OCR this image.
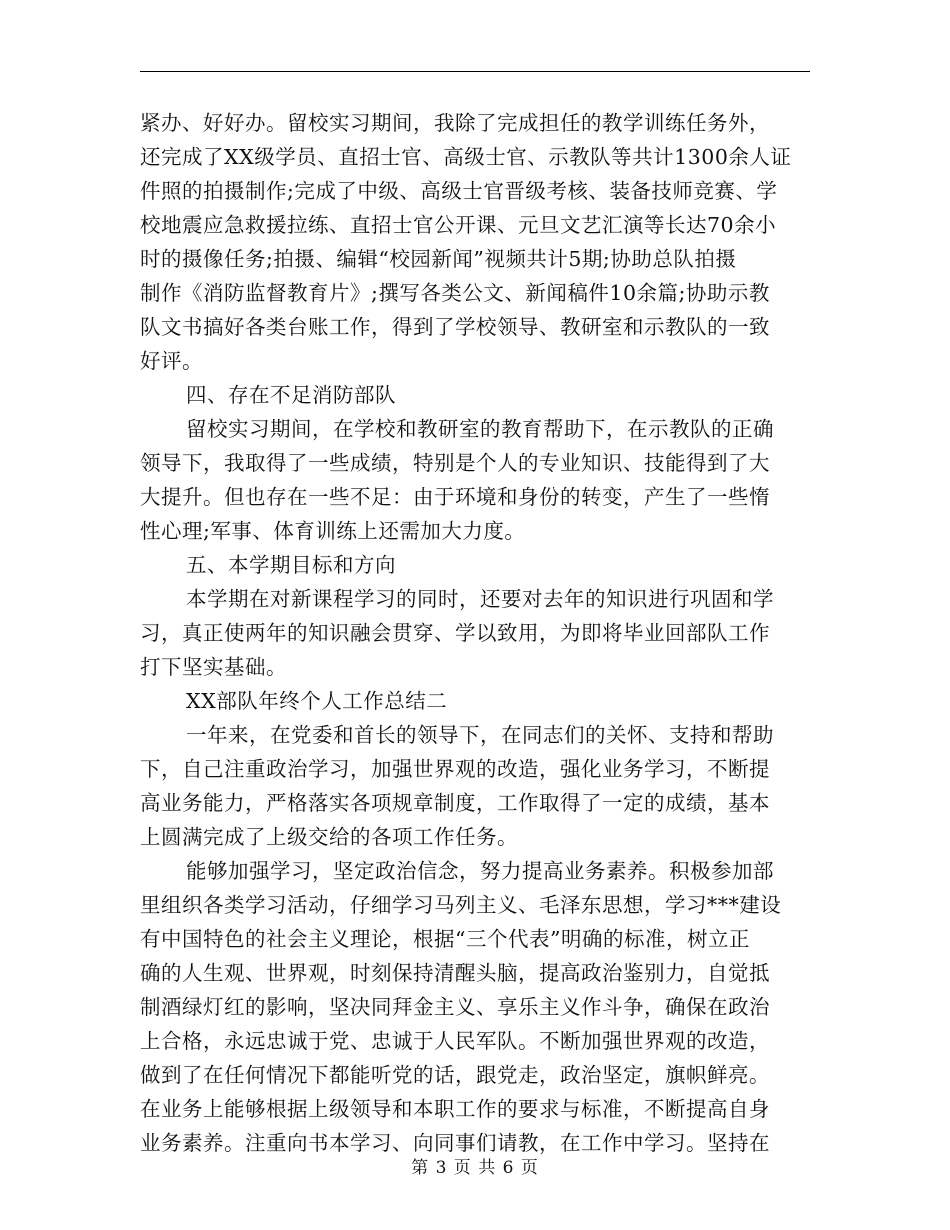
紧办、好好办。留校实习期间，我除了完成担任的教学训练任务外，
还完成了XX级学员、直招士官、高级士官、示教队等共计1300余人证
件照的拍摄制作;完成了中级、高级士官晋级考核、装备技师竞赛、学
校地震应急救援拉练、直招士官公开课、元旦文艺汇演等长达70余小
时的摄像任务;拍摄、编辑“校园新闻”视频共计5期;协助总队拍摄
制作《消防监督教育片》;撰写各类公文、新闻稿件10余篇;协助示教
队文书搞好各类台账工作，得到了学校领导、教研室和示教队的一致
好评。
四、存在不足消防部队
留校实习期间，在学校和教研室的教育帮助下，在示教队的正确
领导下，我取得了一些成绩，特别是个人的专业知识、技能得到了大
大提升。但也存在一些不足：由于环境和身份的转变，产生了一些惰
性心理;军事、体育训练上还需加大力度。
五、本学期目标和方向
本学期在对新课程学习的同时，还要对去年的知识进行巩固和学
习，真正使两年的知识融会贯穿、学以致用，为即将毕业回部队工作
打下坚实基础。
XX部队年终个人工作总结二
一年来，在党委和首长的领导下，在同志们的关怀、支持和帮助
下，自己注重政治学习，加强世界观的改造，强化业务学习，不断提
高业务能力，严格落实各项规章制度，工作取得了一定的成绩，基本
上圆满完成了上级交给的各项工作任务。
能够加强学习，坚定政治信念，努力提高业务素养。积极参加部
里组织各类学习活动，仔细学习马列主义、毛泽东思想，学习***建设
有中国特色的社会主义理论，根据“三个代表”明确的标准，树立正
确的人生观、世界观，时刻保持清醒头脑，提高政治鉴别力，自觉抵
制酒绿灯红的影响，坚决同拜金主义、享乐主义作斗争，确保在政治
上合格，永远忠诚于党、忠诚于人民军队。不断加强世界观的改造，
做到了在任何情况下都能听党的话，跟党走，政治坚定，旗帜鲜亮。
在业务上能够根据上级领导和本职工作的要求与标准，不断提高自身
业务素养。注重向书本学习、向同事们请教，在工作中学习。坚持在
第 3 页 共 6 页
